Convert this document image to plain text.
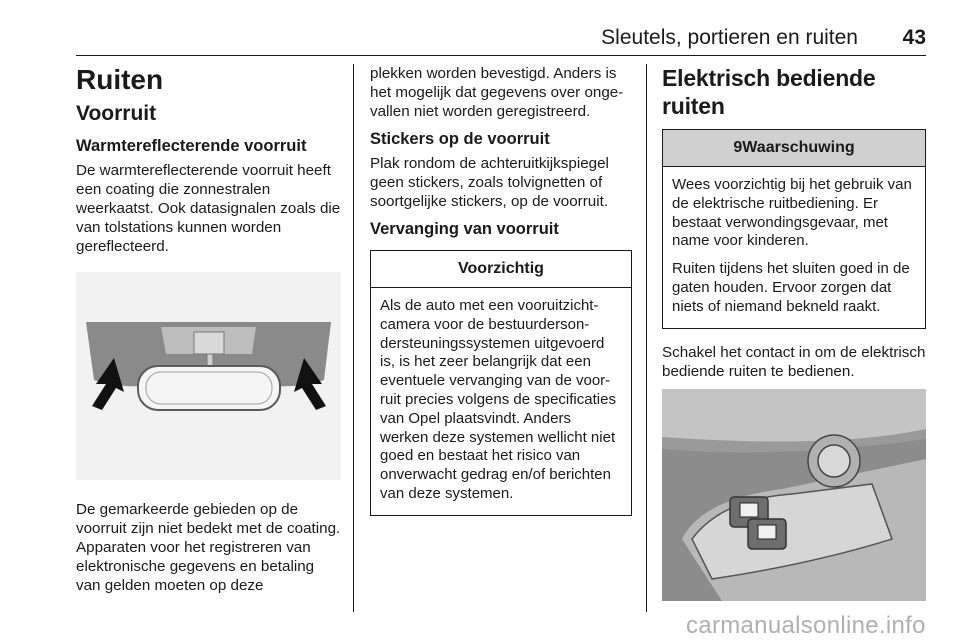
Sleutels, portieren en ruiten 43
Ruiten
Voorruit
Warmtereflecterende voorruit

De warmtereflecterende voorruit heeft een coating die zonnestralen weerkaatst. Ook datasignalen zoals die van tolstations kunnen worden gereflecteerd.

De gemarkeerde gebieden op de voorruit zijn niet bedekt met de coating. Apparaten voor het registreren van elektronische gegevens en betaling van gelden moeten op deze

plekken worden bevestigd. Anders is het mogelijk dat gegevens over ongevallen niet worden geregistreerd.

Stickers op de voorruit

Plak rondom de achteruitkijkspiegel geen stickers, zoals tolvignetten of soortgelijke stickers, op de voorruit.

Vervanging van voorruit
Voorzichtig

Als de auto met een vooruitzichtcamera voor de bestuurdersondersteuningssystemen uitgevoerd is, is het zeer belangrijk dat een eventuele vervanging van de voorruit precies volgens de specificaties van Opel plaatsvindt. Anders werken deze systemen wellicht niet goed en bestaat het risico van onverwacht gedrag en/of berichten van deze systemen.

Elektrisch bediende ruiten
9Waarschuwing

Wees voorzichtig bij het gebruik van de elektrische ruitbediening. Er bestaat verwondingsgevaar, met name voor kinderen.

Ruiten tijdens het sluiten goed in de gaten houden. Ervoor zorgen dat niets of niemand bekneld raakt.

Schakel het contact in om de elektrisch bediende ruiten te bedienen.

carmanualsonline.info
